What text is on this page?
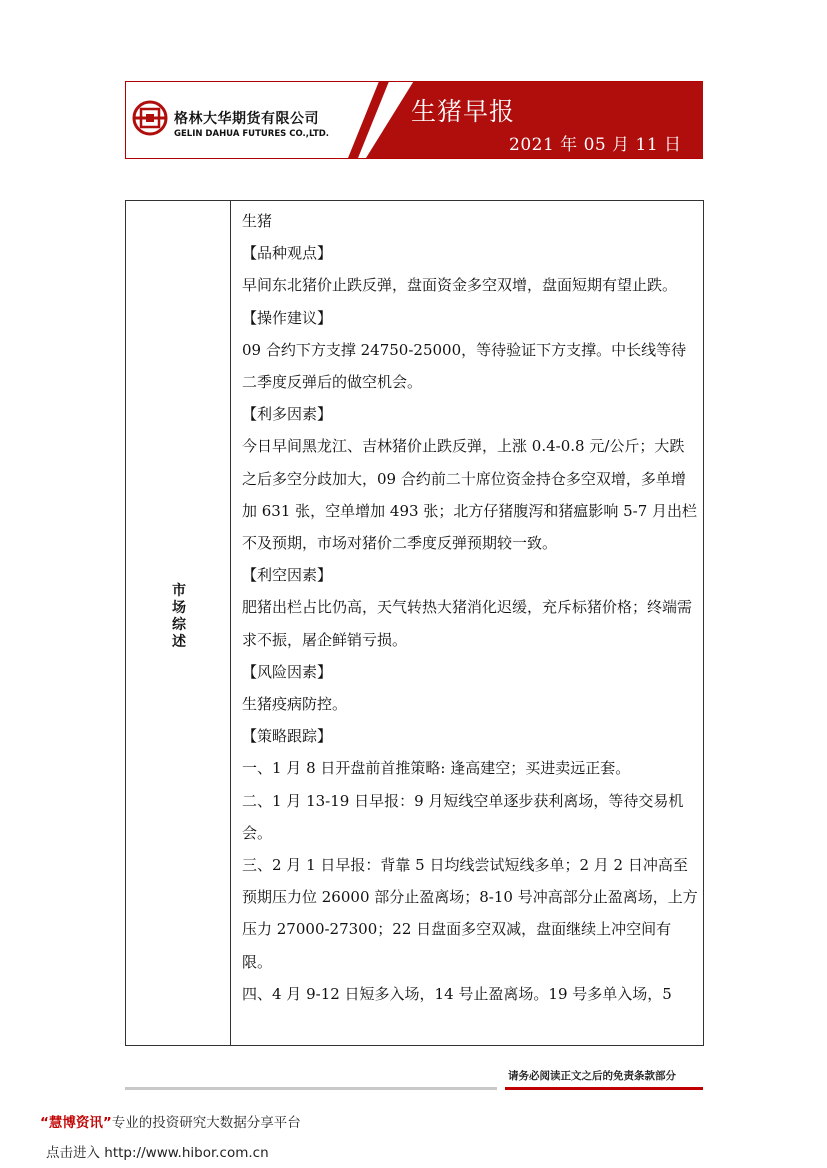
格林大华期货有限公司
GELIN DAHUA FUTURES CO.,LTD.
生猪早报
2021 年 05 月 11 日
市场综述

生猪

【品种观点】

早间东北猪价止跌反弹，盘面资金多空双增，盘面短期有望止跌。

【操作建议】

09 合约下方支撑 24750-25000，等待验证下方支撑。中长线等待二季度反弹后的做空机会。

【利多因素】

今日早间黑龙江、吉林猪价止跌反弹，上涨 0.4-0.8 元/公斤；大跌之后多空分歧加大，09 合约前二十席位资金持仓多空双增，多单增加 631 张，空单增加 493 张；北方仔猪腹泻和猪瘟影响 5-7 月出栏不及预期，市场对猪价二季度反弹预期较一致。

【利空因素】

肥猪出栏占比仍高，天气转热大猪消化迟缓，充斥标猪价格；终端需求不振，屠企鲜销亏损。

【风险因素】

生猪疫病防控。

【策略跟踪】

一、1 月 8 日开盘前首推策略: 逢高建空；买进卖远正套。

二、1 月 13-19 日早报：9 月短线空单逐步获利离场，等待交易机会。

三、2 月 1 日早报：背靠 5 日均线尝试短线多单；2 月 2 日冲高至预期压力位 26000 部分止盈离场；8-10 号冲高部分止盈离场，上方压力 27000-27300；22 日盘面多空双减，盘面继续上冲空间有限。

四、4 月 9-12 日短多入场，14 号止盈离场。19 号多单入场，5

请务必阅读正文之后的免责条款部分
“慧博资讯”专业的投资研究大数据分享平台
点击进入 http://www.hibor.com.cn
